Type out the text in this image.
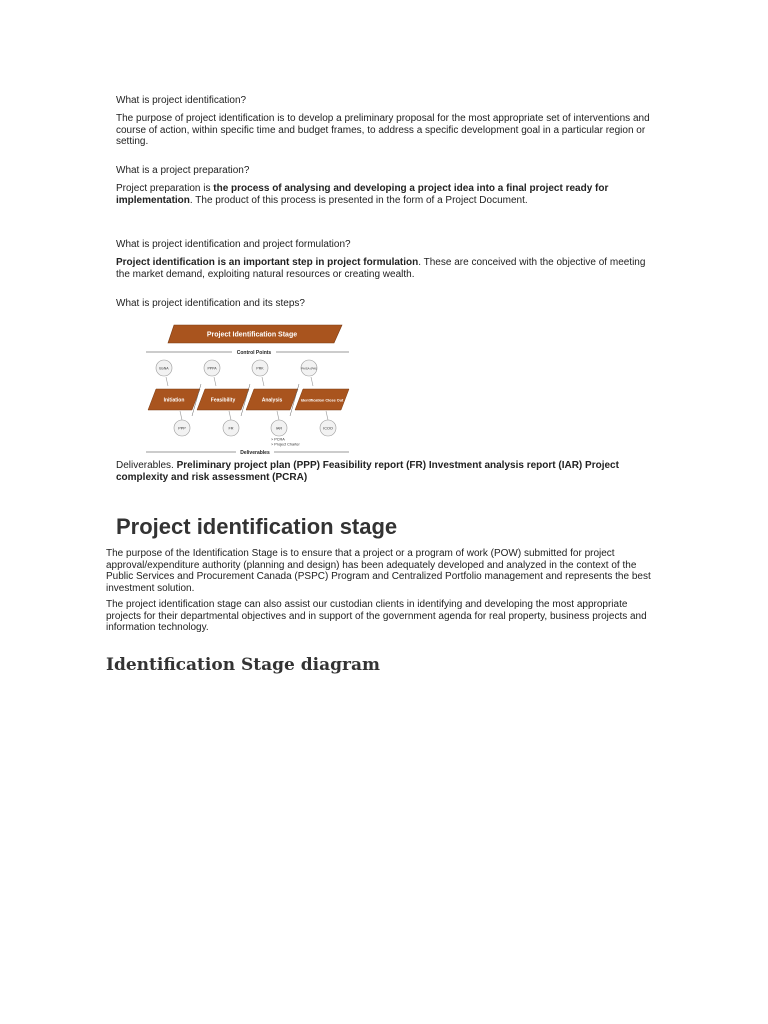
What is project identification?
The purpose of project identification is to develop a preliminary proposal for the most appropriate set of interventions and course of action, within specific time and budget frames, to address a specific development goal in a particular region or setting.
What is a project preparation?
Project preparation is the process of analysing and developing a project idea into a final project ready for implementation. The product of this process is presented in the form of a Project Document.
What is project identification and project formulation?
Project identification is an important step in project formulation. These are conceived with the objective of meeting the market demand, exploiting natural resources or creating wealth.
What is project identification and its steps?
Project Identification Stage
Control Points
BoNA	PPPA	PRK	PA/SA (PAI)
Initiation	Feasibility	Analysis	Identification Close Out
PPP	FR	IAR	ICOO
> PCRA
> Project Charter
Deliverables
Deliverables. Preliminary project plan (PPP) Feasibility report (FR) Investment analysis report (IAR) Project complexity and risk assessment (PCRA)
Project identification stage
The purpose of the Identification Stage is to ensure that a project or a program of work (POW) submitted for project approval/expenditure authority (planning and design) has been adequately developed and analyzed in the context of the Public Services and Procurement Canada (PSPC) Program and Centralized Portfolio management and represents the best investment solution.
The project identification stage can also assist our custodian clients in identifying and developing the most appropriate projects for their departmental objectives and in support of the government agenda for real property, business projects and information technology.
Identification Stage diagram
